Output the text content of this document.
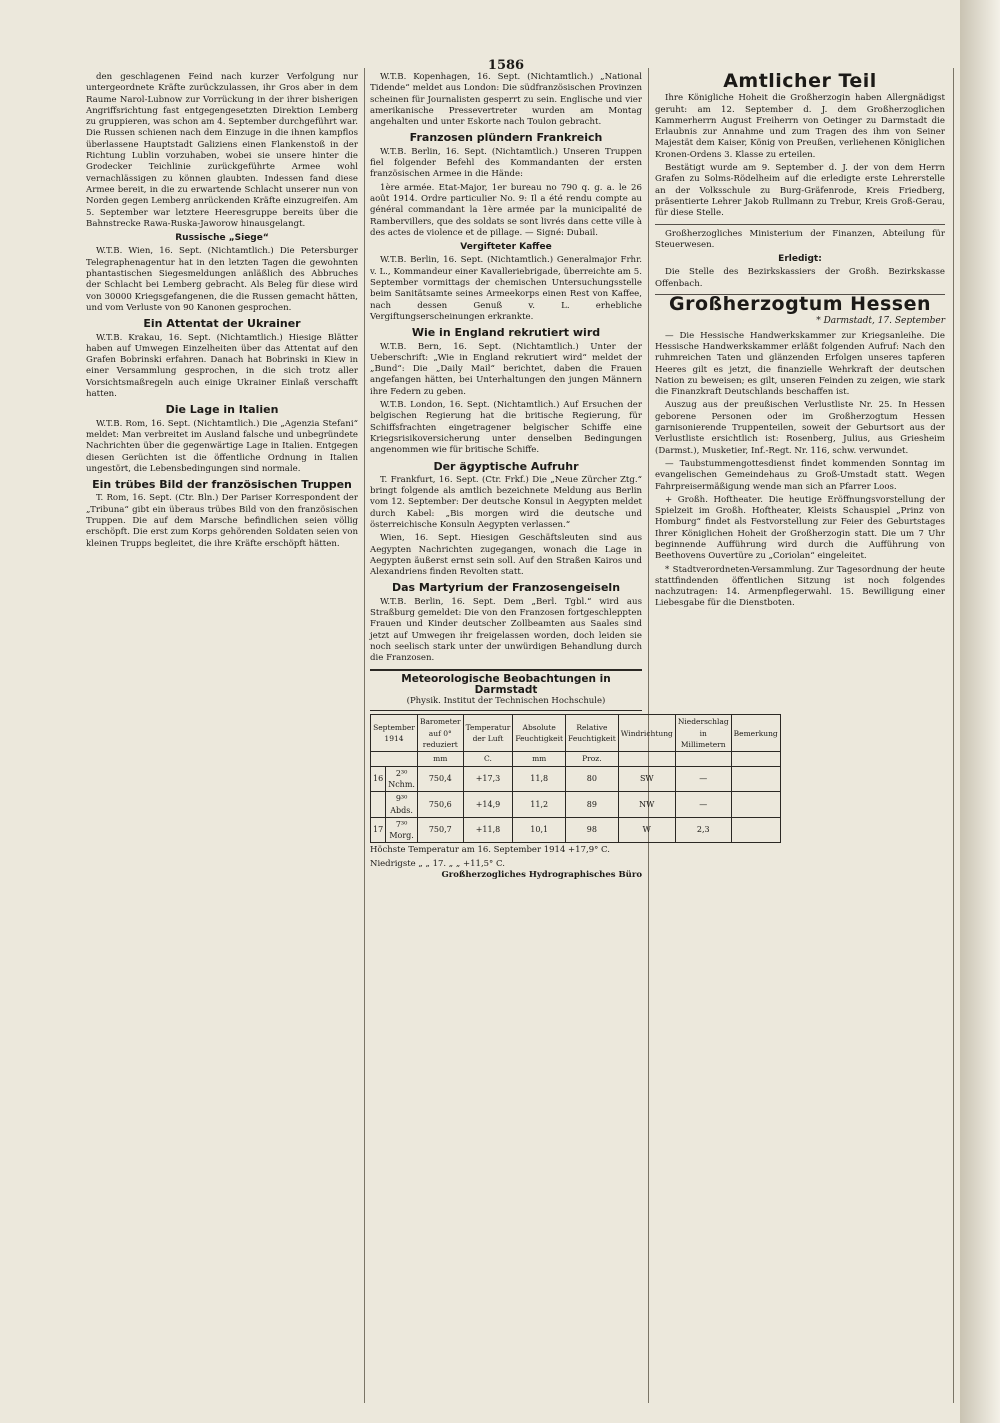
1586

den geschlagenen Feind nach kurzer Verfolgung nur untergeordnete Kräfte zurückzulassen, ihr Gros aber in dem Raume Narol-Lubnow zur Vorrückung in der ihrer bisherigen Angriffsrichtung fast entgegengesetzten Direktion Lemberg zu gruppieren, was schon am 4. September durchgeführt war. Die Russen schienen nach dem Einzuge in die ihnen kampflos überlassene Hauptstadt Galiziens einen Flankenstoß in der Richtung Lublin vorzuhaben, wobei sie unsere hinter die Grodecker Teichlinie zurückgeführte Armee wohl vernachlässigen zu können glaubten. Indessen fand diese Armee bereit, in die zu erwartende Schlacht unserer nun von Norden gegen Lemberg anrückenden Kräfte einzugreifen. Am 5. September war letztere Heeresgruppe bereits über die Bahnstrecke Rawa-Ruska-Jaworow hinausgelangt.

Russische „Siege“

W.T.B. Wien, 16. Sept. (Nichtamtlich.) Die Petersburger Telegraphenagentur hat in den letzten Tagen die gewohnten phantastischen Siegesmeldungen anläßlich des Abbruches der Schlacht bei Lemberg gebracht. Als Beleg für diese wird von 30000 Kriegsgefangenen, die die Russen gemacht hätten, und vom Verluste von 90 Kanonen gesprochen.

Ein Attentat der Ukrainer

W.T.B. Krakau, 16. Sept. (Nichtamtlich.) Hiesige Blätter haben auf Umwegen Einzelheiten über das Attentat auf den Grafen Bobrinski erfahren. Danach hat Bobrinski in Kiew in einer Versammlung gesprochen, in die sich trotz aller Vorsichtsmaßregeln auch einige Ukrainer Einlaß verschafft hatten.

Die Lage in Italien

W.T.B. Rom, 16. Sept. (Nichtamtlich.) Die „Agenzia Stefani“ meldet: Man verbreitet im Ausland falsche und unbegründete Nachrichten über die gegenwärtige Lage in Italien. Entgegen diesen Gerüchten ist die öffentliche Ordnung in Italien ungestört, die Lebensbedingungen sind normale.

Ein trübes Bild der französischen Truppen

T. Rom, 16. Sept. (Ctr. Bln.) Der Pariser Korrespondent der „Tribuna“ gibt ein überaus trübes Bild von den französischen Truppen. Die auf dem Marsche befindlichen seien völlig erschöpft. Die erst zum Korps gehörenden Soldaten seien von kleinen Trupps begleitet, die ihre Kräfte erschöpft hätten.

W.T.B. Kopenhagen, 16. Sept. (Nichtamtlich.) „National Tidende“ meldet aus London: Die südfranzösischen Provinzen scheinen für Journalisten gesperrt zu sein. Englische und vier amerikanische Pressevertreter wurden am Montag angehalten und unter Eskorte nach Toulon gebracht.

Franzosen plündern Frankreich

W.T.B. Berlin, 16. Sept. (Nichtamtlich.) Unseren Truppen fiel folgender Befehl des Kommandanten der ersten französischen Armee in die Hände:

1ère armée. Etat-Major, 1er bureau no 790 q. g. a. le 26 août 1914. Ordre particulier No. 9: Il a été rendu compte au général commandant la 1ère armée par la municipalité de Rambervillers, que des soldats se sont livrés dans cette ville à des actes de violence et de pillage. — Signé: Dubail.

Vergifteter Kaffee

W.T.B. Berlin, 16. Sept. (Nichtamtlich.) Generalmajor Frhr. v. L., Kommandeur einer Kavalleriebrigade, überreichte am 5. September vormittags der chemischen Untersuchungsstelle beim Sanitätsamte seines Armeekorps einen Rest von Kaffee, nach dessen Genuß v. L. erhebliche Vergiftungserscheinungen erkrankte.

Wie in England rekrutiert wird

W.T.B. Bern, 16. Sept. (Nichtamtlich.) Unter der Ueberschrift: „Wie in England rekrutiert wird“ meldet der „Bund“: Die „Daily Mail“ berichtet, daben die Frauen angefangen hätten, bei Unterhaltungen den jungen Männern ihre Federn zu geben.

W.T.B. London, 16. Sept. (Nichtamtlich.) Auf Ersuchen der belgischen Regierung hat die britische Regierung, für Schiffsfrachten eingetragener belgischer Schiffe eine Kriegsrisikoversicherung unter denselben Bedingungen angenommen wie für britische Schiffe.

Der ägyptische Aufruhr

T. Frankfurt, 16. Sept. (Ctr. Frkf.) Die „Neue Zürcher Ztg.“ bringt folgende als amtlich bezeichnete Meldung aus Berlin vom 12. September: Der deutsche Konsul in Aegypten meldet durch Kabel: „Bis morgen wird die deutsche und österreichische Konsuln Aegypten verlassen.“

Wien, 16. Sept. Hiesigen Geschäftsleuten sind aus Aegypten Nachrichten zugegangen, wonach die Lage in Aegypten äußerst ernst sein soll. Auf den Straßen Kairos und Alexandriens finden Revolten statt.

Das Martyrium der Franzosengeiseln

W.T.B. Berlin, 16. Sept. Dem „Berl. Tgbl.“ wird aus Straßburg gemeldet: Die von den Franzosen fortgeschleppten Frauen und Kinder deutscher Zollbeamten aus Saales sind jetzt auf Umwegen ihr freigelassen worden, doch leiden sie noch seelisch stark unter der unwürdigen Behandlung durch die Franzosen.

Meteorologische Beobachtungen in Darmstadt
(Physik. Institut der Technischen Hochschule)
September 1914		Barometer auf 0° reduziert	Temperatur der Luft	Absolute Feuchtigkeit	Relative Feuchtigkeit	Windrichtung	Niederschlag in Millimetern	Bemerkung
		mm	C.	mm	Proz.			
16	2³⁰ Nchm.	750,4	+17,3	11,8	80	SW	—	
	9³⁰ Abds.	750,6	+14,9	11,2	89	NW	—	
17	7³⁰ Morg.	750,7	+11,8	10,1	98	W	2,3	
Höchste Temperatur am 16. September 1914 +17,9° C.
Niedrigste „ „ 17. „ „ +11,5° C.
Großherzogliches Hydrographisches Büro
Amtlicher Teil

Ihre Königliche Hoheit die Großherzogin haben Allergnädigst geruht: am 12. September d. J. dem Großherzoglichen Kammerherrn August Freiherrn von Oetinger zu Darmstadt die Erlaubnis zur Annahme und zum Tragen des ihm von Seiner Majestät dem Kaiser, König von Preußen, verliehenen Königlichen Kronen-Ordens 3. Klasse zu erteilen.

Bestätigt wurde am 9. September d. J. der von dem Herrn Grafen zu Solms-Rödelheim auf die erledigte erste Lehrerstelle an der Volksschule zu Burg-Gräfenrode, Kreis Friedberg, präsentierte Lehrer Jakob Rullmann zu Trebur, Kreis Groß-Gerau, für diese Stelle.

Großherzogliches Ministerium der Finanzen, Abteilung für Steuerwesen.

Erledigt:

Die Stelle des Bezirkskassiers der Großh. Bezirkskasse Offenbach.

Großherzogtum Hessen
* Darmstadt, 17. September

— Die Hessische Handwerkskammer zur Kriegsanleihe. Die Hessische Handwerkskammer erläßt folgenden Aufruf: Nach den ruhmreichen Taten und glänzenden Erfolgen unseres tapferen Heeres gilt es jetzt, die finanzielle Wehrkraft der deutschen Nation zu beweisen; es gilt, unseren Feinden zu zeigen, wie stark die Finanzkraft Deutschlands beschaffen ist.

Auszug aus der preußischen Verlustliste Nr. 25. In Hessen geborene Personen oder im Großherzogtum Hessen garnisonierende Truppenteilen, soweit der Geburtsort aus der Verlustliste ersichtlich ist: Rosenberg, Julius, aus Griesheim (Darmst.), Musketier, Inf.-Regt. Nr. 116, schw. verwundet.

— Taubstummengottesdienst findet kommenden Sonntag im evangelischen Gemeindehaus zu Groß-Umstadt statt. Wegen Fahrpreisermäßigung wende man sich an Pfarrer Loos.

+ Großh. Hoftheater. Die heutige Eröffnungsvorstellung der Spielzeit im Großh. Hoftheater, Kleists Schauspiel „Prinz von Homburg“ findet als Festvorstellung zur Feier des Geburtstages Ihrer Königlichen Hoheit der Großherzogin statt. Die um 7 Uhr beginnende Aufführung wird durch die Aufführung von Beethovens Ouvertüre zu „Coriolan“ eingeleitet.

* Stadtverordneten-Versammlung. Zur Tagesordnung der heute stattfindenden öffentlichen Sitzung ist noch folgendes nachzutragen: 14. Armenpflegerwahl. 15. Bewilligung einer Liebesgabe für die Dienstboten.
